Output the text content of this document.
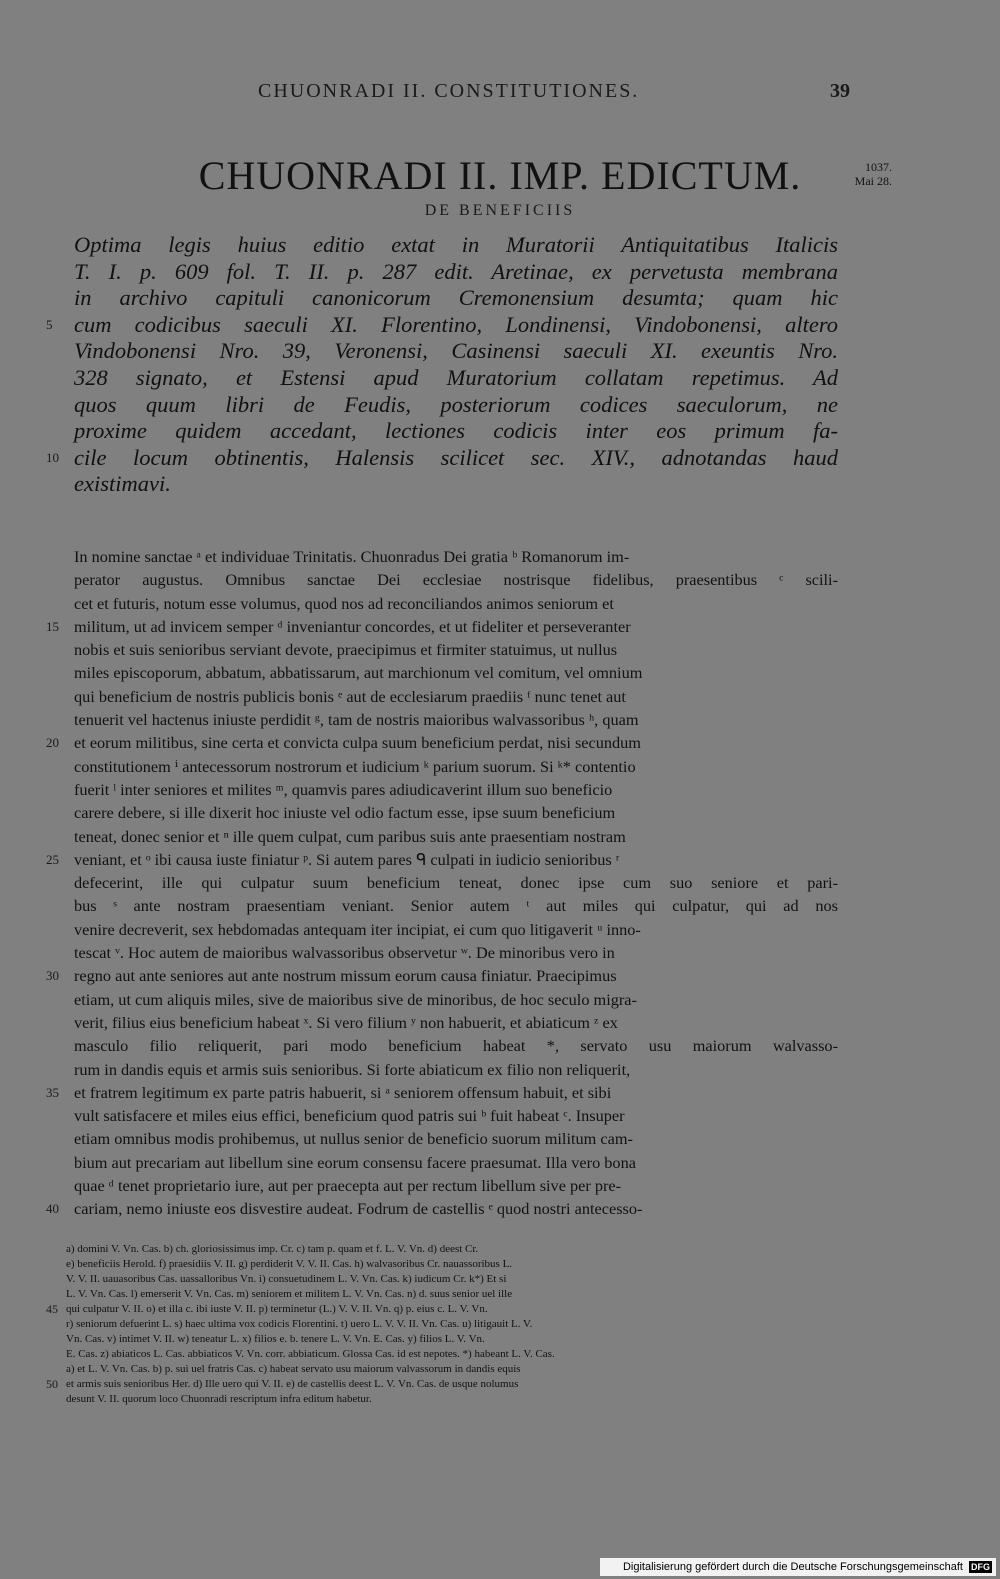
CHUONRADI II. CONSTITUTIONES.	39
CHUONRADI II. IMP. EDICTUM.	1037.
Mai 28.
DE BENEFICIIS
Optima legis huius editio extat in Muratorii Antiquitatibus Italicis
T. I. p. 609 fol. T. II. p. 287 edit. Aretinae, ex pervetusta membrana
in archivo capituli canonicorum Cremonensium desumta; quam hic
5 cum codicibus saeculi XI. Florentino, Londinensi, Vindobonensi, altero
Vindobonensi Nro. 39, Veronensi, Casinensi saeculi XI. exeuntis Nro.
328 signato, et Estensi apud Muratorium collatam repetimus. Ad
quos quum libri de Feudis, posteriorum codices saeculorum, ne
proxime quidem accedant, lectiones codicis inter eos primum fa-
10 cile locum obtinentis, Halensis scilicet sec. XIV., adnotandas haud
existimavi.
In nomine sanctae ᵃ et individuae Trinitatis. Chuonradus Dei gratia ᵇ Romanorum im-
perator augustus. Omnibus sanctae Dei ecclesiae nostrisque fidelibus, praesentibus ᶜ scili-
cet et futuris, notum esse volumus, quod nos ad reconciliandos animos seniorum et
15 militum, ut ad invicem semper ᵈ inveniantur concordes, et ut fideliter et perseveranter
nobis et suis senioribus serviant devote, praecipimus et firmiter statuimus, ut nullus
miles episcoporum, abbatum, abbatissarum, aut marchionum vel comitum, vel omnium
qui beneficium de nostris publicis bonis ᵉ aut de ecclesiarum praediis ᶠ nunc tenet aut
tenuerit vel hactenus iniuste perdidit ᵍ, tam de nostris maioribus walvassoribus ʰ, quam
20 et eorum militibus, sine certa et convicta culpa suum beneficium perdat, nisi secundum
constitutionem ⁱ antecessorum nostrorum et iudicium ᵏ parium suorum. Si ᵏ* contentio
fuerit ˡ inter seniores et milites ᵐ, quamvis pares adiudicaverint illum suo beneficio
carere debere, si ille dixerit hoc iniuste vel odio factum esse, ipse suum beneficium
teneat, donec senior et ⁿ ille quem culpat, cum paribus suis ante praesentiam nostram
25 veniant, et ᵒ ibi causa iuste finiatur ᵖ. Si autem pares ᑫ culpati in iudicio senioribus ʳ
defecerint, ille qui culpatur suum beneficium teneat, donec ipse cum suo seniore et pari-
bus ˢ ante nostram praesentiam veniant. Senior autem ᵗ aut miles qui culpatur, qui ad nos
venire decreverit, sex hebdomadas antequam iter incipiat, ei cum quo litigaverit ᵘ inno-
tescat ᵛ. Hoc autem de maioribus walvassoribus observetur ʷ. De minoribus vero in
30 regno aut ante seniores aut ante nostrum missum eorum causa finiatur. Praecipimus
etiam, ut cum aliquis miles, sive de maioribus sive de minoribus, de hoc seculo migra-
verit, filius eius beneficium habeat ˣ. Si vero filium ʸ non habuerit, et abiaticum ᶻ ex
masculo filio reliquerit, pari modo beneficium habeat *, servato usu maiorum walvasso-
rum in dandis equis et armis suis senioribus. Si forte abiaticum ex filio non reliquerit,
35 et fratrem legitimum ex parte patris habuerit, si ᵃ seniorem offensum habuit, et sibi
vult satisfacere et miles eius effici, beneficium quod patris sui ᵇ fuit habeat ᶜ. Insuper
etiam omnibus modis prohibemus, ut nullus senior de beneficio suorum militum cam-
bium aut precariam aut libellum sine eorum consensu facere praesumat. Illa vero bona
quae ᵈ tenet proprietario iure, aut per praecepta aut per rectum libellum sive per pre-
40 cariam, nemo iniuste eos disvestire audeat. Fodrum de castellis ᵉ quod nostri antecesso-
a) domini V. Vn. Cas. b) ch. gloriosissimus imp. Cr. c) tam p. quam et f. L. V. Vn. d) deest Cr.
e) beneficiis Herold. f) praesidiis V. II. g) perdiderit V. V. II. Cas. h) walvasoribus Cr. nauassoribus L.
V. V. II. uauasoribus Cas. uassalloribus Vn. i) consuetudinem L. V. Vn. Cas. k) iudicum Cr. k*) Et si
L. V. Vn. Cas. l) emerserit V. Vn. Cas. m) seniorem et militem L. V. Vn. Cas. n) d. suus senior uel ille
45 qui culpatur V. II. o) et illa c. ibi iuste V. II. p) terminetur (L.) V. V. II. Vn. q) p. eius c. L. V. Vn.
r) seniorum defuerint L. s) haec ultima vox codicis Florentini. t) uero L. V. V. II. Vn. Cas. u) litigauit L. V.
Vn. Cas. v) intimet V. II. w) teneatur L. x) filios e. b. tenere L. V. Vn. E. Cas. y) filios L. V. Vn.
E. Cas. z) abiaticos L. Cas. abbiaticos V. Vn. corr. abbiaticum. Glossa Cas. id est nepotes. *) habeant L. V. Cas.
a) et L. V. Vn. Cas. b) p. sui uel fratris Cas. c) habeat servato usu maiorum valvassorum in dandis equis
50 et armis suis senioribus Her. d) Ille uero qui V. II. e) de castellis deest L. V. Vn. Cas. de usque nolumus
desunt V. II. quorum loco Chuonradi rescriptum infra editum habetur.
Digitalisierung gefördert durch die Deutsche Forschungsgemeinschaft DFG
